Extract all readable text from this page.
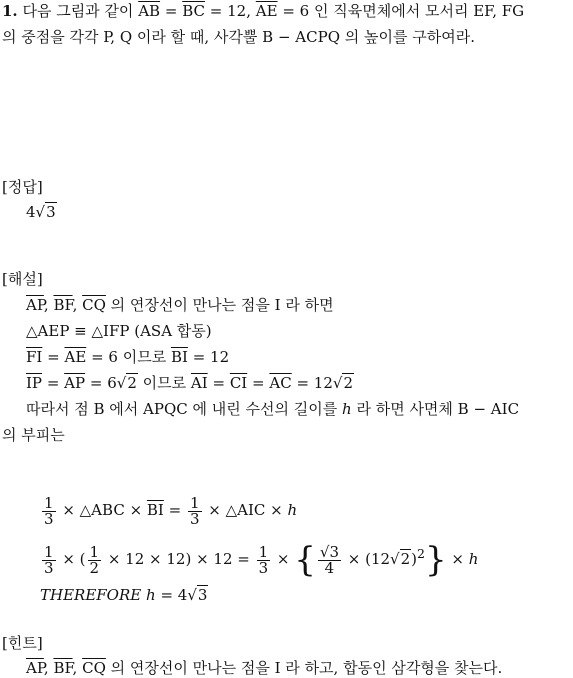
1. 다음 그림과 같이 $\overline{AB} = \overline{BC} = 12$, $\overline{AE} = 6$ 인 직육면체에서 모서리 EF, FG
의 중점을 각각 P, Q 이라 할 때, 사각뿔 B − ACPQ 의 높이를 구하여라.
[정답]
4√3
[해설]
$\overline{AP}$, $\overline{BF}$, $\overline{CQ}$ 의 연장선이 만나는 점을 I 라 하면
△AEP ≡ △IFP (ASA 합동)
$\overline{FI} = \overline{AE} = 6$ 이므로 $\overline{BI} = 12$
$\overline{IP} = \overline{AP} = 6√2$ 이므로 $\overline{AI} = \overline{CI} = \overline{AC} = 12√2$
따라서 점 B 에서 APQC 에 내린 수선의 길이를 h 라 하면 사면체 B − AIC
의 부피는
$\frac{1}{3}$ × △ABC × $\overline{BI} = \frac{1}{3}$ × △AIC × h
$\frac{1}{3}$ × ( $\frac{1}{2} \times 12 \times 12) \times 12 = \frac{1}{3}$ × { $\frac{√3}{4} \times (12√2)^2\} \times h$
THEREFORE h = 4√3
[힌트]
$\overline{AP}$, $\overline{BF}$, $\overline{CQ}$ 의 연장선이 만나는 점을 I 라 하고, 합동인 삼각형을 찾는다.
